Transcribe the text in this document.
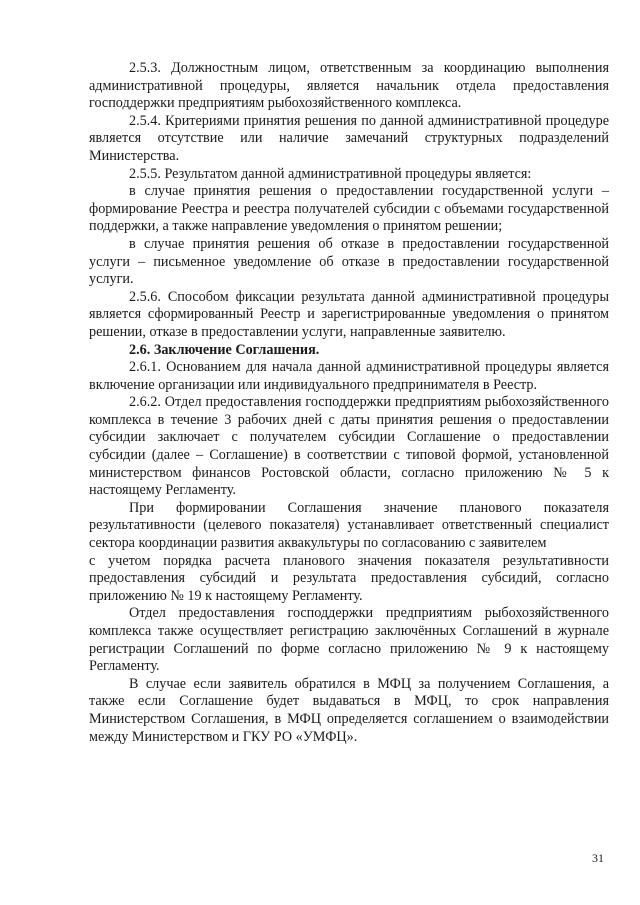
2.5.3. Должностным лицом, ответственным за координацию выполнения административной процедуры, является начальник отдела предоставления господдержки предприятиям рыбохозяйственного комплекса.

2.5.4. Критериями принятия решения по данной административной процедуре является отсутствие или наличие замечаний структурных подразделений Министерства.

2.5.5. Результатом данной административной процедуры является:

в случае принятия решения о предоставлении государственной услуги – формирование Реестра и реестра получателей субсидии с объемами государственной поддержки, а также направление уведомления о принятом решении;

в случае принятия решения об отказе в предоставлении государственной услуги – письменное уведомление об отказе в предоставлении государственной услуги.

2.5.6. Способом фиксации результата данной административной процедуры является сформированный Реестр и зарегистрированные уведомления о принятом решении, отказе в предоставлении услуги, направленные заявителю.

2.6. Заключение Соглашения.

2.6.1. Основанием для начала данной административной процедуры является включение организации или индивидуального предпринимателя в Реестр.

2.6.2. Отдел предоставления господдержки предприятиям рыбохозяйственного комплекса в течение 3 рабочих дней с даты принятия решения о предоставлении субсидии заключает с получателем субсидии Соглашение о предоставлении субсидии (далее – Соглашение) в соответствии с типовой формой, установленной министерством финансов Ростовской области, согласно приложению № 5 к настоящему Регламенту.

При формировании Соглашения значение планового показателя результативности (целевого показателя) устанавливает ответственный специалист сектора координации развития аквакультуры по согласованию с заявителем

с учетом порядка расчета планового значения показателя результативности предоставления субсидий и результата предоставления субсидий, согласно приложению № 19 к настоящему Регламенту.

Отдел предоставления господдержки предприятиям рыбохозяйственного комплекса также осуществляет регистрацию заключённых Соглашений в журнале регистрации Соглашений по форме согласно приложению № 9 к настоящему Регламенту.

В случае если заявитель обратился в МФЦ за получением Соглашения, а также если Соглашение будет выдаваться в МФЦ, то срок направления Министерством Соглашения, в МФЦ определяется соглашением о взаимодействии между Министерством и ГКУ РО «УМФЦ».

31
